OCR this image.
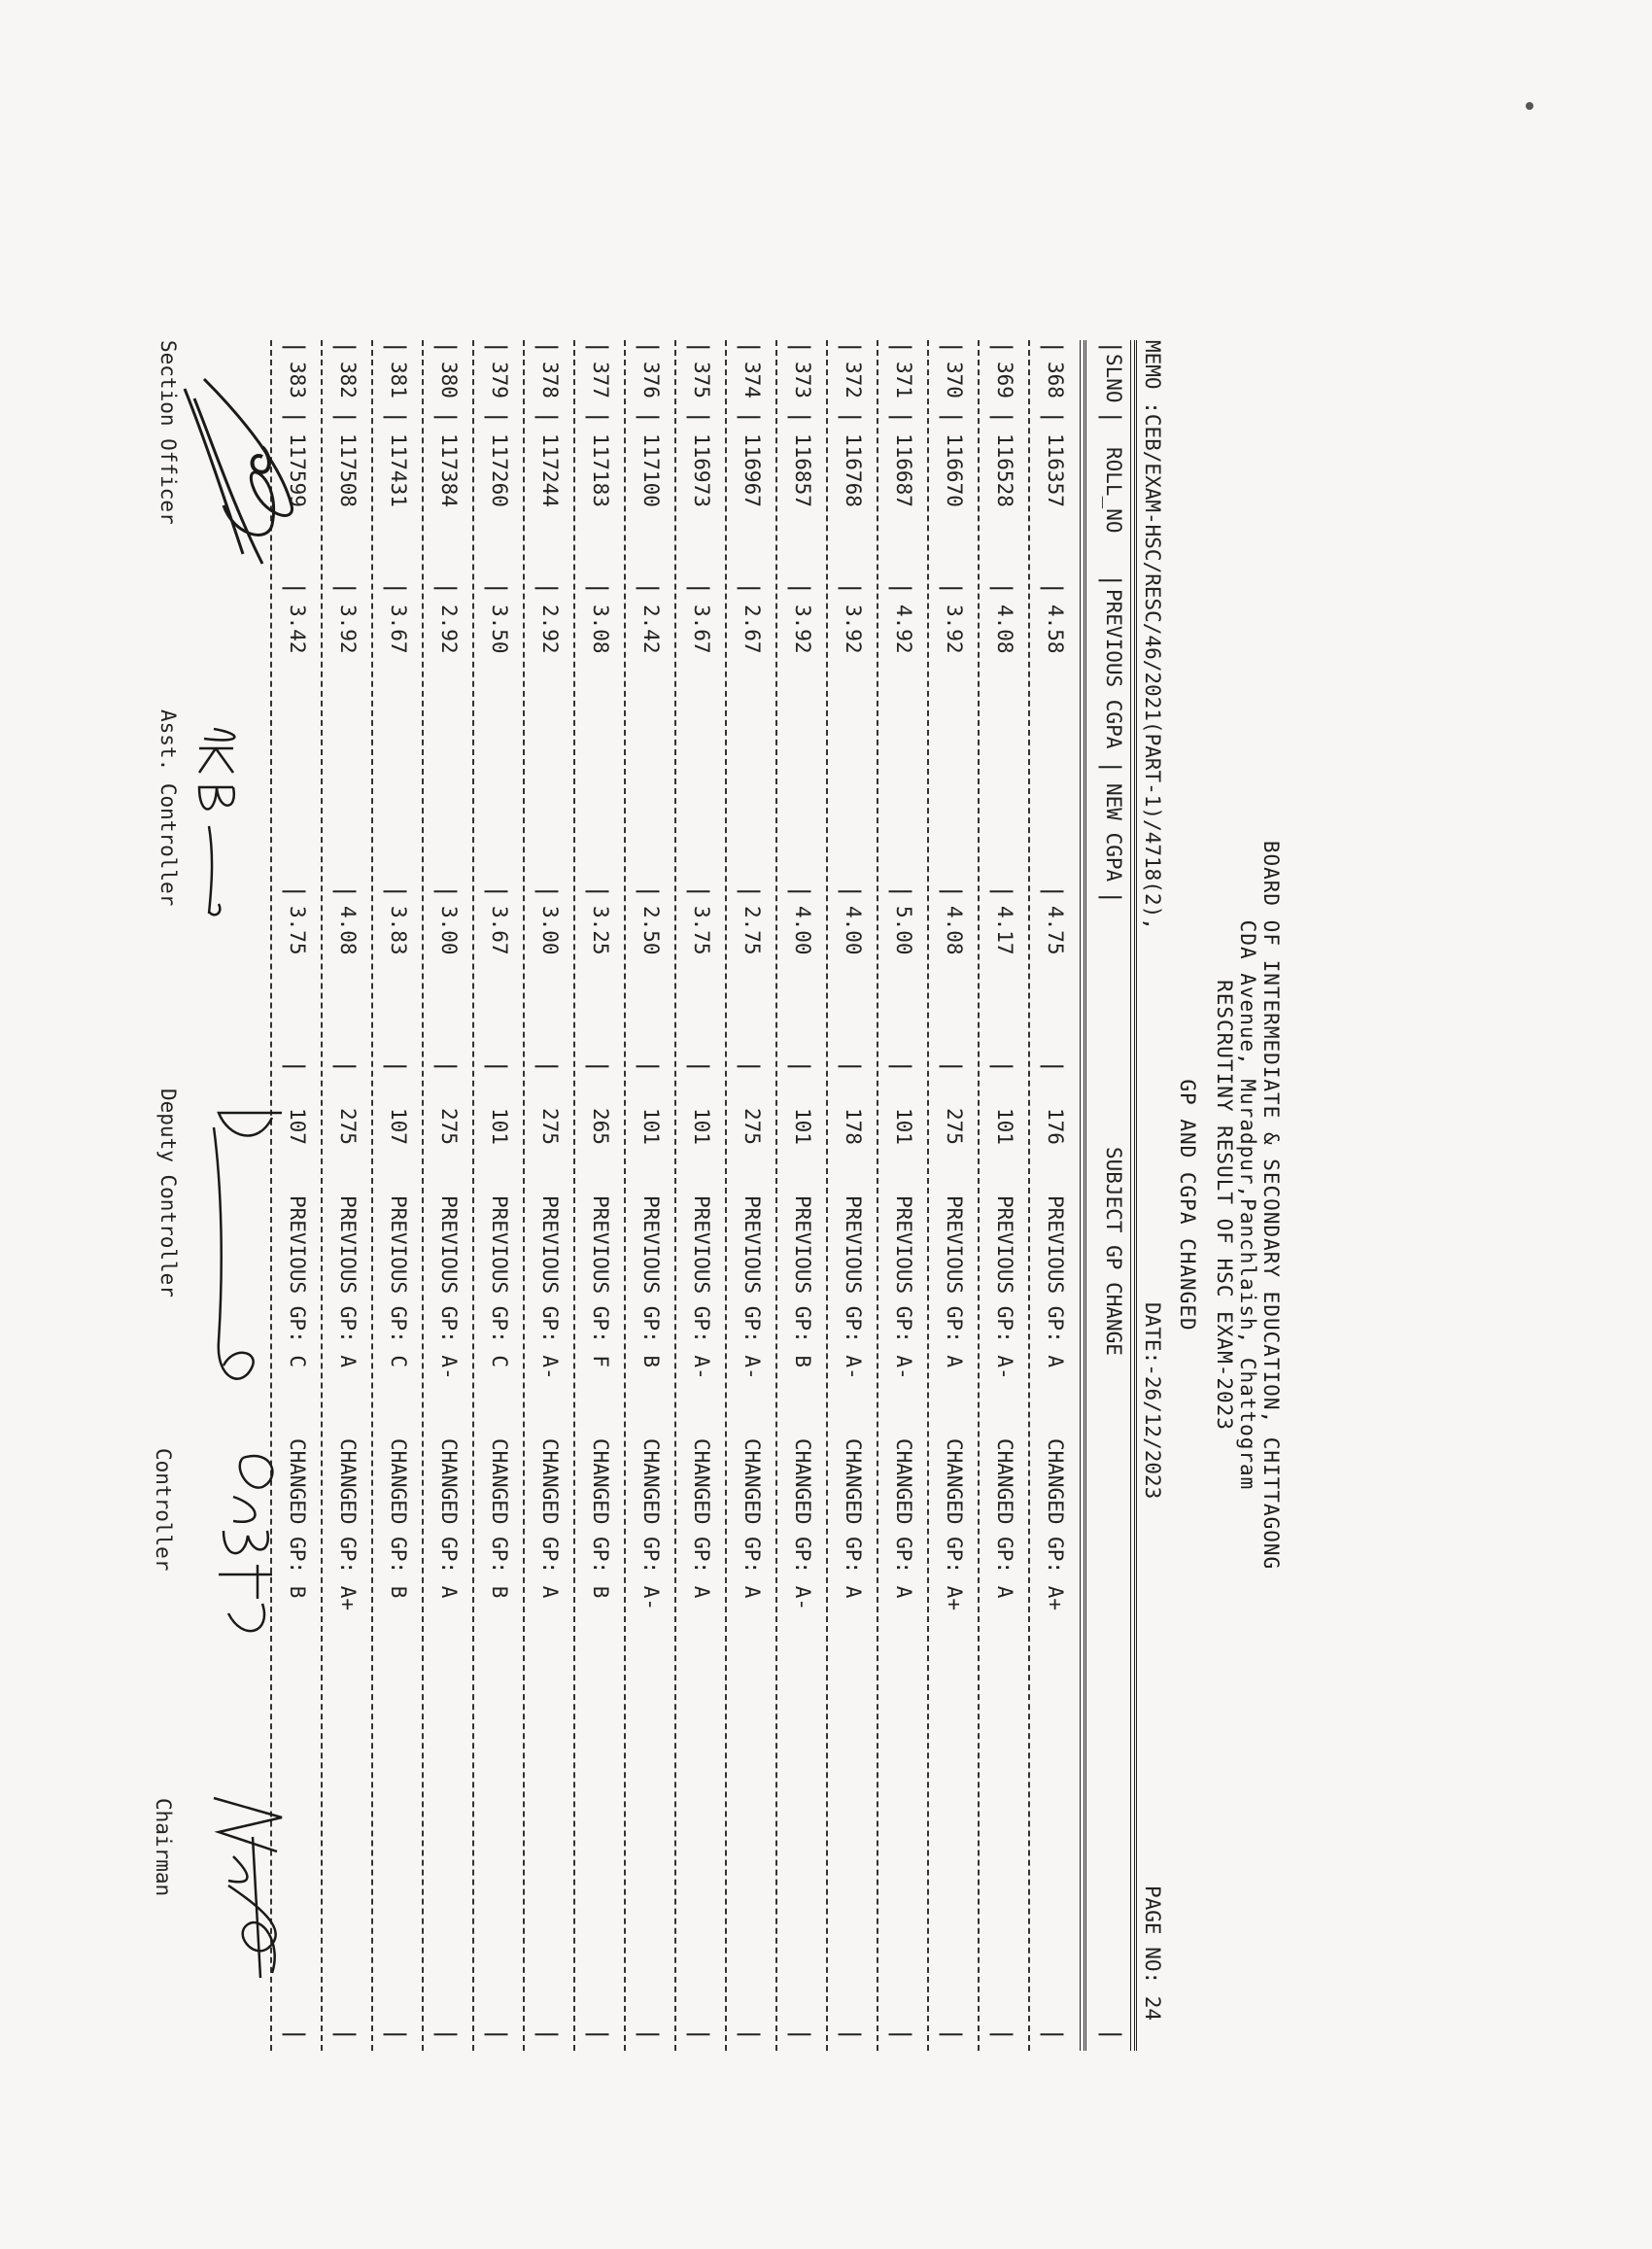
BOARD OF INTERMEDIATE & SECONDARY EDUCATION, CHITTAGONG
CDA Avenue, Muradpur,Panchlaish, Chattogram
RESCRUTINY RESULT OF HSC EXAM-2023
GP AND CGPA CHANGED
MEMO :CEB/EXAM-HSC/RESC/46/2021(PART-1)/4718(2),
DATE:-26/12/2023
PAGE NO: 24

|

SLNO

|

ROLL_NO

|

PREVIOUS CGPA

|

NEW CGPA

|

SUBJECT GP CHANGE

|

|
368
|
116357
|
4.58
|
4.75
|
176
PREVIOUS GP: A
CHANGED GP: A+
|
|
369
|
116528
|
4.08
|
4.17
|
101
PREVIOUS GP: A-
CHANGED GP: A
|
|
370
|
116670
|
3.92
|
4.08
|
275
PREVIOUS GP: A
CHANGED GP: A+
|
|
371
|
116687
|
4.92
|
5.00
|
101
PREVIOUS GP: A-
CHANGED GP: A
|
|
372
|
116768
|
3.92
|
4.00
|
178
PREVIOUS GP: A-
CHANGED GP: A
|
|
373
|
116857
|
3.92
|
4.00
|
101
PREVIOUS GP: B
CHANGED GP: A-
|
|
374
|
116967
|
2.67
|
2.75
|
275
PREVIOUS GP: A-
CHANGED GP: A
|
|
375
|
116973
|
3.67
|
3.75
|
101
PREVIOUS GP: A-
CHANGED GP: A
|
|
376
|
117100
|
2.42
|
2.50
|
101
PREVIOUS GP: B
CHANGED GP: A-
|
|
377
|
117183
|
3.08
|
3.25
|
265
PREVIOUS GP: F
CHANGED GP: B
|
|
378
|
117244
|
2.92
|
3.00
|
275
PREVIOUS GP: A-
CHANGED GP: A
|
|
379
|
117260
|
3.50
|
3.67
|
101
PREVIOUS GP: C
CHANGED GP: B
|
|
380
|
117384
|
2.92
|
3.00
|
275
PREVIOUS GP: A-
CHANGED GP: A
|
|
381
|
117431
|
3.67
|
3.83
|
107
PREVIOUS GP: C
CHANGED GP: B
|
|
382
|
117508
|
3.92
|
4.08
|
275
PREVIOUS GP: A
CHANGED GP: A+
|
|
383
|
117599
|
3.42
|
3.75
|
107
PREVIOUS GP: C
CHANGED GP: B
|
Section Officer
Asst. Controller
Deputy Controller
Controller
Chairman
